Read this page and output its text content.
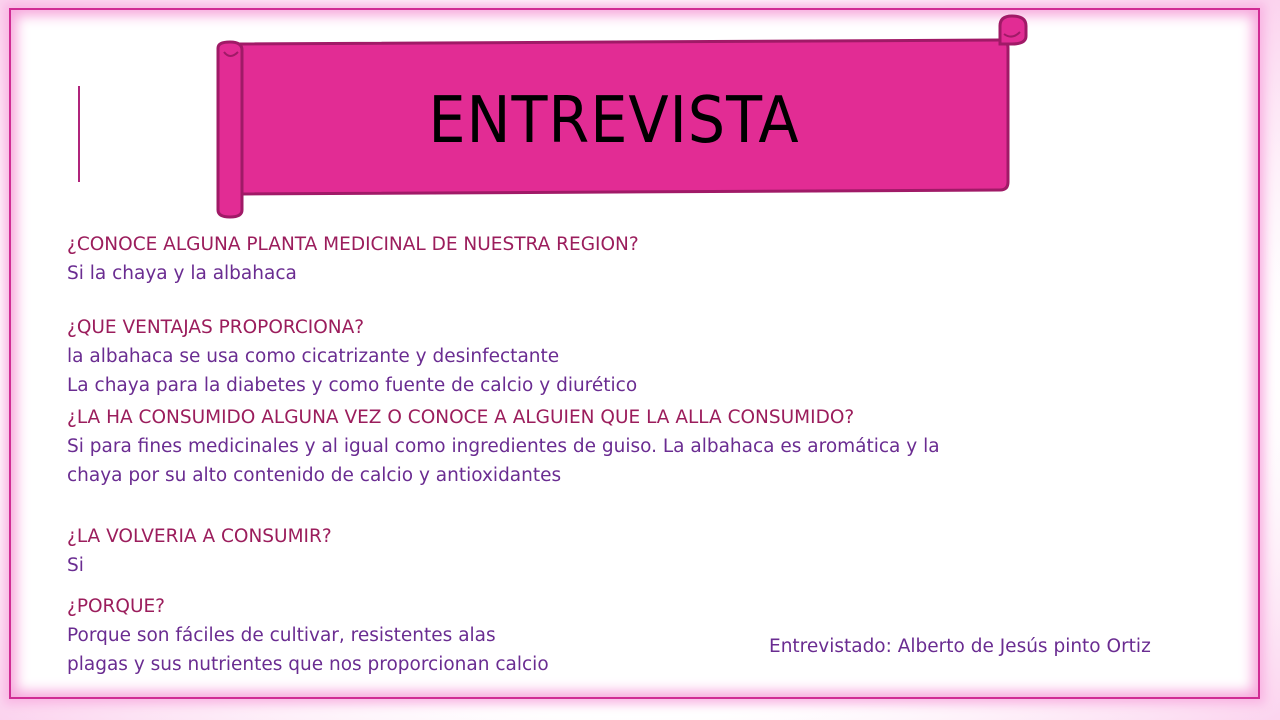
ENTREVISTA

¿CONOCE ALGUNA PLANTA MEDICINAL DE NUESTRA REGION?

Si la chaya y la albahaca

¿QUE VENTAJAS PROPORCIONA?

la albahaca se usa como cicatrizante y desinfectante

La chaya para la diabetes y como fuente de calcio y diurético

¿LA HA CONSUMIDO ALGUNA VEZ O CONOCE A ALGUIEN QUE LA ALLA CONSUMIDO?

Si para fines medicinales y al igual como ingredientes de guiso. La albahaca es aromática y la

chaya por su alto contenido de calcio y antioxidantes

¿LA VOLVERIA A CONSUMIR?

Si

¿PORQUE?

Porque son fáciles de cultivar, resistentes alas

plagas y sus nutrientes que nos proporcionan calcio

Entrevistado: Alberto de Jesús pinto Ortiz
